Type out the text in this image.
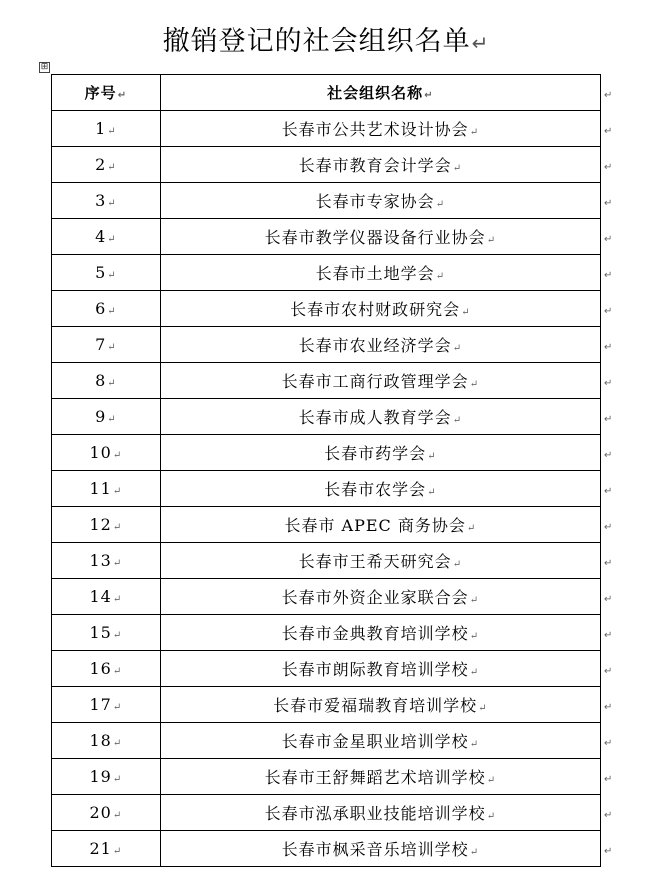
撤销登记的社会组织名单↵
⊞
序号↵	社会组织名称↵
1↵	长春市公共艺术设计协会↵
2↵	长春市教育会计学会↵
3↵	长春市专家协会↵
4↵	长春市教学仪器设备行业协会↵
5↵	长春市土地学会↵
6↵	长春市农村财政研究会↵
7↵	长春市农业经济学会↵
8↵	长春市工商行政管理学会↵
9↵	长春市成人教育学会↵
10↵	长春市药学会↵
11↵	长春市农学会↵
12↵	长春市 APEC 商务协会↵
13↵	长春市王希天研究会↵
14↵	长春市外资企业家联合会↵
15↵	长春市金典教育培训学校↵
16↵	长春市朗际教育培训学校↵
17↵	长春市爱福瑞教育培训学校↵
18↵	长春市金星职业培训学校↵
19↵	长春市王舒舞蹈艺术培训学校↵
20↵	长春市泓承职业技能培训学校↵
21↵	长春市枫采音乐培训学校↵
↵
↵
↵
↵
↵
↵
↵
↵
↵
↵
↵
↵
↵
↵
↵
↵
↵
↵
↵
↵
↵
↵
